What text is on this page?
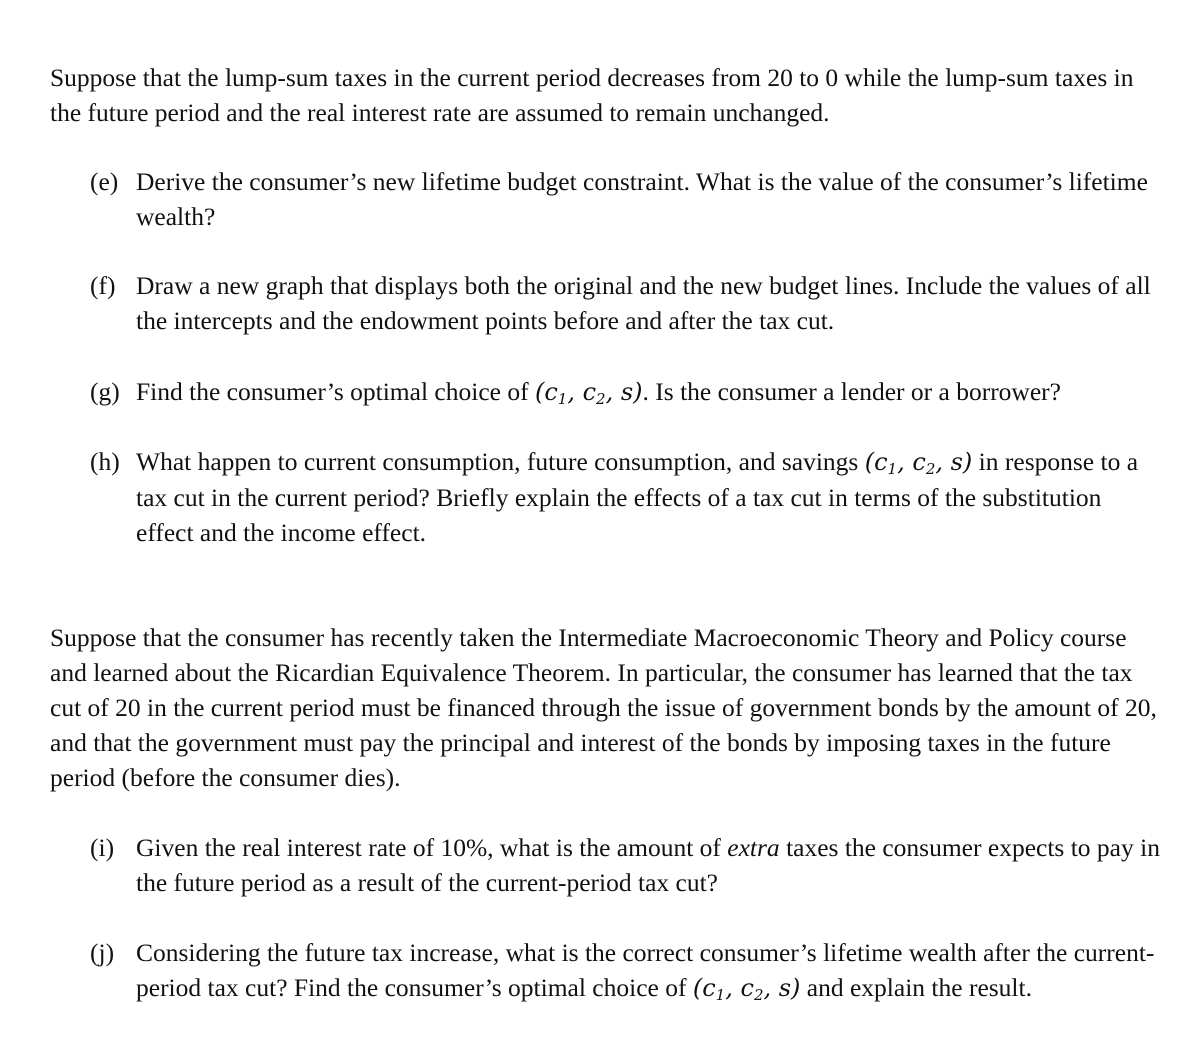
Suppose that the lump-sum taxes in the current period decreases from 20 to 0 while the lump-sum taxes in the future period and the real interest rate are assumed to remain unchanged.

(e) Derive the consumer’s new lifetime budget constraint. What is the value of the consumer’s lifetime wealth?
(f) Draw a new graph that displays both the original and the new budget lines. Include the values of all the intercepts and the endowment points before and after the tax cut.
(g) Find the consumer’s optimal choice of ($c_1$, $c_2$, s). Is the consumer a lender or a borrower?
(h) What happen to current consumption, future consumption, and savings ($c_1$, $c_2$, s) in response to a tax cut in the current period? Briefly explain the effects of a tax cut in terms of the substitution effect and the income effect.

Suppose that the consumer has recently taken the Intermediate Macroeconomic Theory and Policy course and learned about the Ricardian Equivalence Theorem. In particular, the consumer has learned that the tax cut of 20 in the current period must be financed through the issue of government bonds by the amount of 20, and that the government must pay the principal and interest of the bonds by imposing taxes in the future period (before the consumer dies).

(i) Given the real interest rate of 10%, what is the amount of extra taxes the consumer expects to pay in the future period as a result of the current-period tax cut?
(j) Considering the future tax increase, what is the correct consumer’s lifetime wealth after the current-period tax cut? Find the consumer’s optimal choice of ($c_1$, $c_2$, s) and explain the result.
